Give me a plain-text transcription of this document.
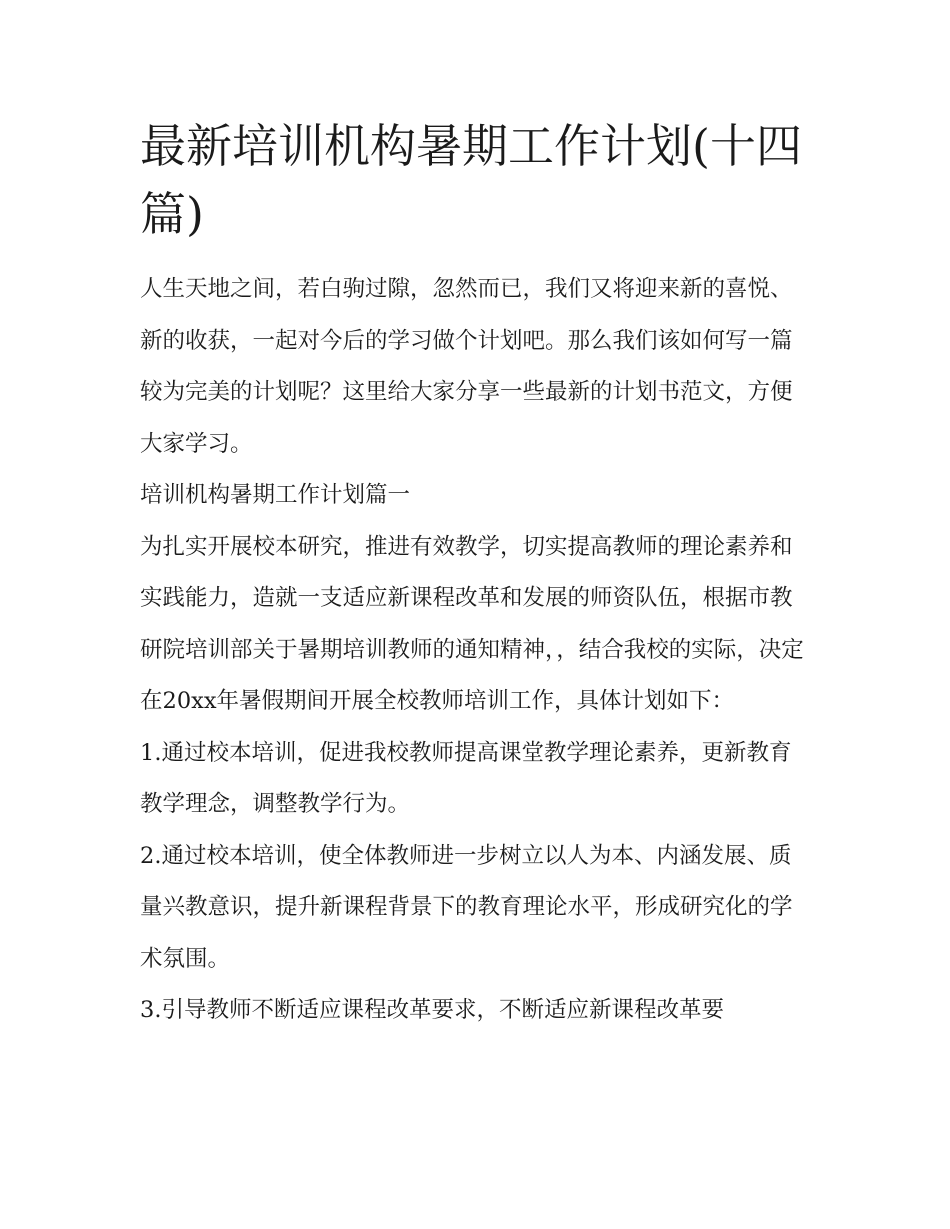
最新培训机构暑期工作计划(十四篇)

人生天地之间，若白驹过隙，忽然而已，我们又将迎来新的喜悦、新的收获，一起对今后的学习做个计划吧。那么我们该如何写一篇较为完美的计划呢？这里给大家分享一些最新的计划书范文，方便大家学习。

培训机构暑期工作计划篇一

为扎实开展校本研究，推进有效教学，切实提高教师的理论素养和实践能力，造就一支适应新课程改革和发展的师资队伍，根据市教研院培训部关于暑期培训教师的通知精神，，结合我校的实际，决定在20xx年暑假期间开展全校教师培训工作，具体计划如下：

1.通过校本培训，促进我校教师提高课堂教学理论素养，更新教育教学理念，调整教学行为。

2.通过校本培训，使全体教师进一步树立以人为本、内涵发展、质量兴教意识，提升新课程背景下的教育理论水平，形成研究化的学术氛围。

3.引导教师不断适应课程改革要求，不断适应新课程改革要
